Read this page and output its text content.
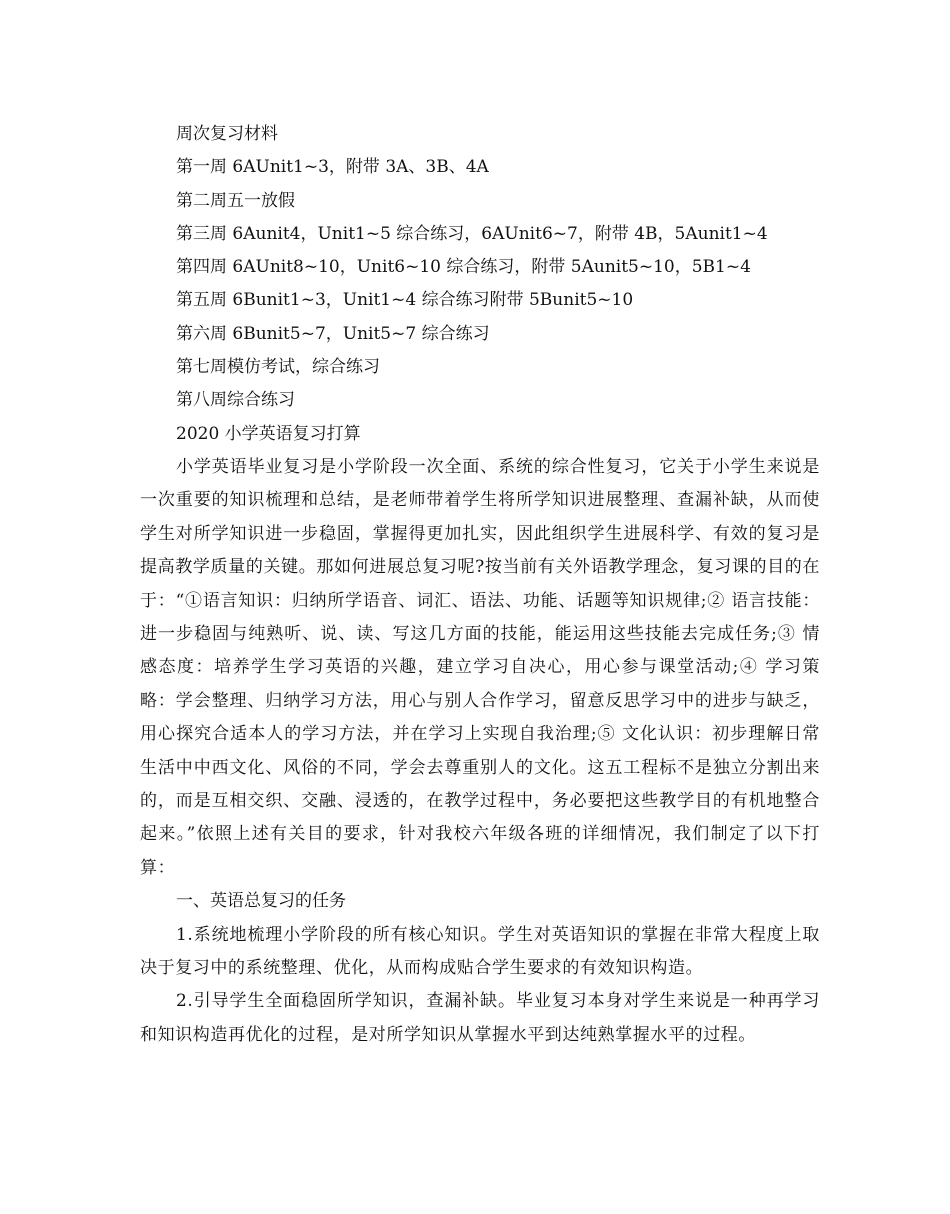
周次复习材料

第一周 6AUnit1~3，附带 3A、3B、4A

第二周五一放假

第三周 6Aunit4，Unit1~5 综合练习，6AUnit6~7，附带 4B，5Aunit1~4

第四周 6AUnit8~10，Unit6~10 综合练习，附带 5Aunit5~10，5B1~4

第五周 6Bunit1~3，Unit1~4 综合练习附带 5Bunit5~10

第六周 6Bunit5~7，Unit5~7 综合练习

第七周模仿考试，综合练习

第八周综合练习

2020 小学英语复习打算

小学英语毕业复习是小学阶段一次全面、系统的综合性复习，它关于小学生来说是一次重要的知识梳理和总结，是老师带着学生将所学知识进展整理、查漏补缺，从而使学生对所学知识进一步稳固，掌握得更加扎实，因此组织学生进展科学、有效的复习是提高教学质量的关键。那如何进展总复习呢?按当前有关外语教学理念，复习课的目的在于：“①语言知识：归纳所学语音、词汇、语法、功能、话题等知识规律;② 语言技能：进一步稳固与纯熟听、说、读、写这几方面的技能，能运用这些技能去完成任务;③ 情感态度：培养学生学习英语的兴趣，建立学习自决心，用心参与课堂活动;④ 学习策略：学会整理、归纳学习方法，用心与别人合作学习，留意反思学习中的进步与缺乏，用心探究合适本人的学习方法，并在学习上实现自我治理;⑤ 文化认识：初步理解日常生活中中西文化、风俗的不同，学会去尊重别人的文化。这五工程标不是独立分割出来的，而是互相交织、交融、浸透的，在教学过程中，务必要把这些教学目的有机地整合起来。”依照上述有关目的要求，针对我校六年级各班的详细情况，我们制定了以下打算：

一、英语总复习的任务

1.系统地梳理小学阶段的所有核心知识。学生对英语知识的掌握在非常大程度上取决于复习中的系统整理、优化，从而构成贴合学生要求的有效知识构造。

2.引导学生全面稳固所学知识，查漏补缺。毕业复习本身对学生来说是一种再学习和知识构造再优化的过程，是对所学知识从掌握水平到达纯熟掌握水平的过程。
